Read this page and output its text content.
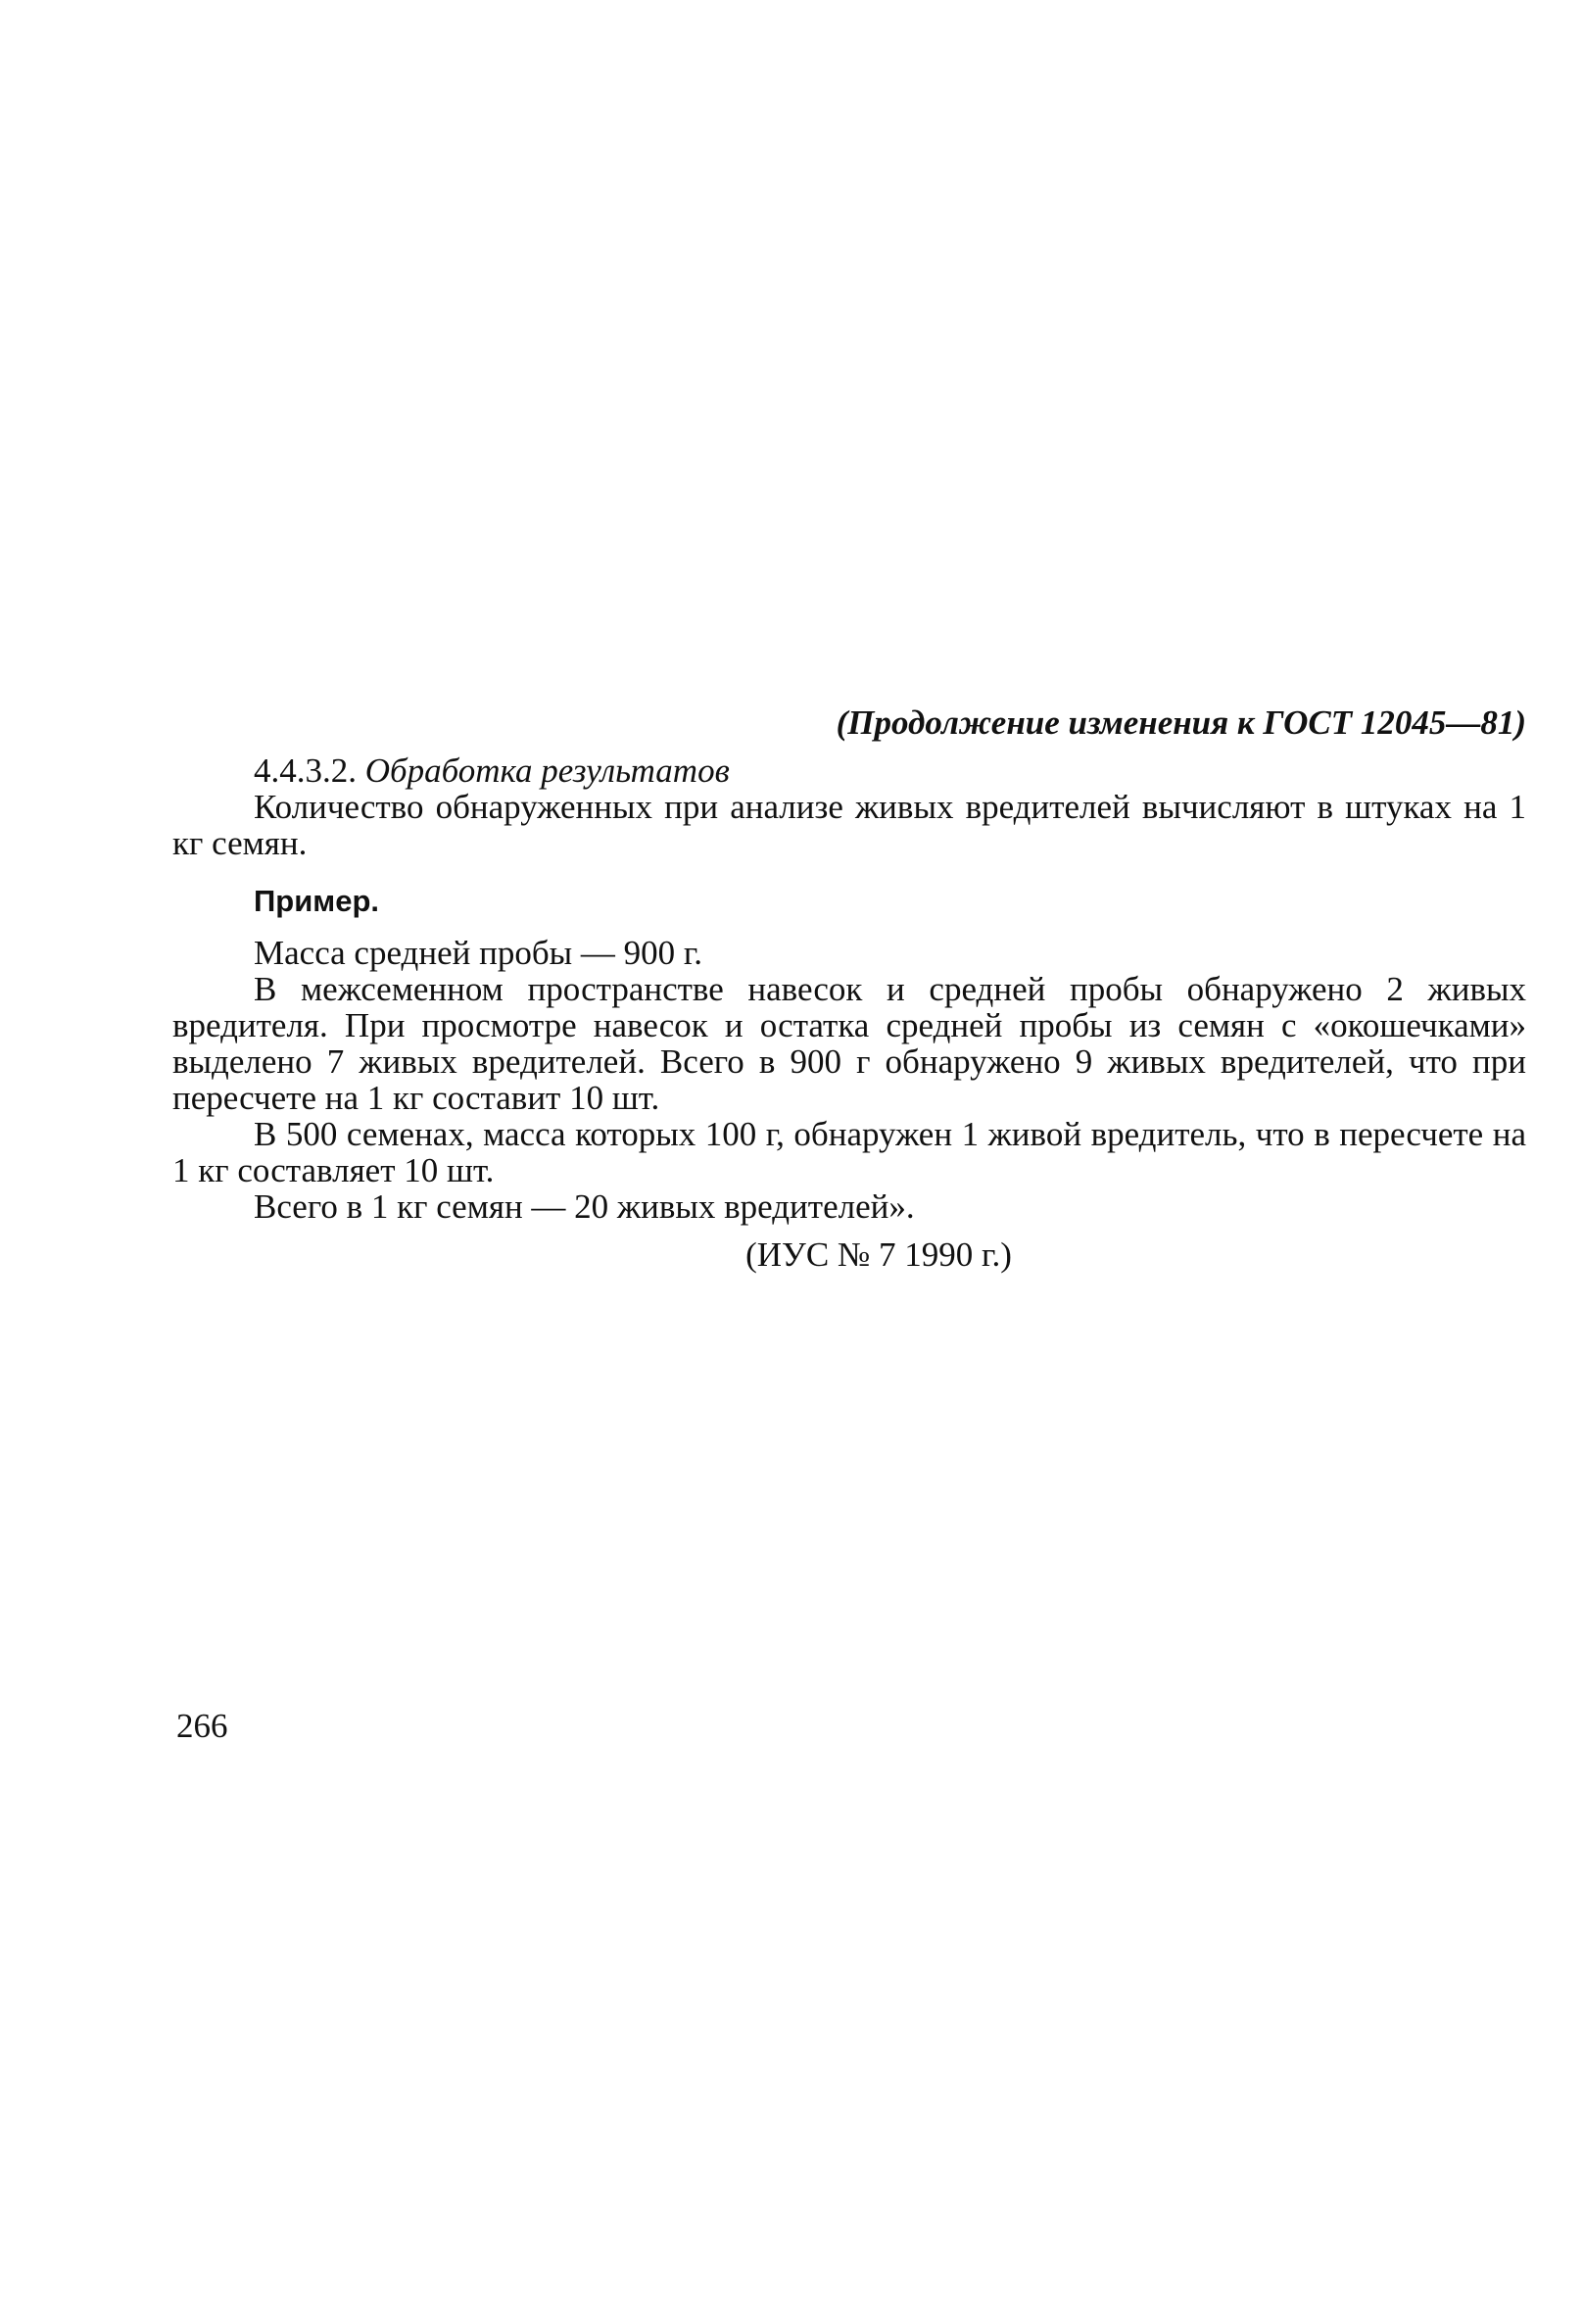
(Продолжение изменения к ГОСТ 12045—81)

4.4.3.2. Обработка результатов

Количество обнаруженных при анализе живых вредителей вычисляют в штуках на 1 кг семян.

Пример.

Масса средней пробы — 900 г.

В межсеменном пространстве навесок и средней пробы обнаружено 2 живых вредителя. При просмотре навесок и остатка средней пробы из семян с «окошечками» выделено 7 живых вредителей. Всего в 900 г обнаружено 9 живых вредителей, что при пересчете на 1 кг составит 10 шт.

В 500 семенах, масса которых 100 г, обнаружен 1 живой вредитель, что в пересчете на 1 кг составляет 10 шт.

Всего в 1 кг семян — 20 живых вредителей».

(ИУС № 7 1990 г.)

266
